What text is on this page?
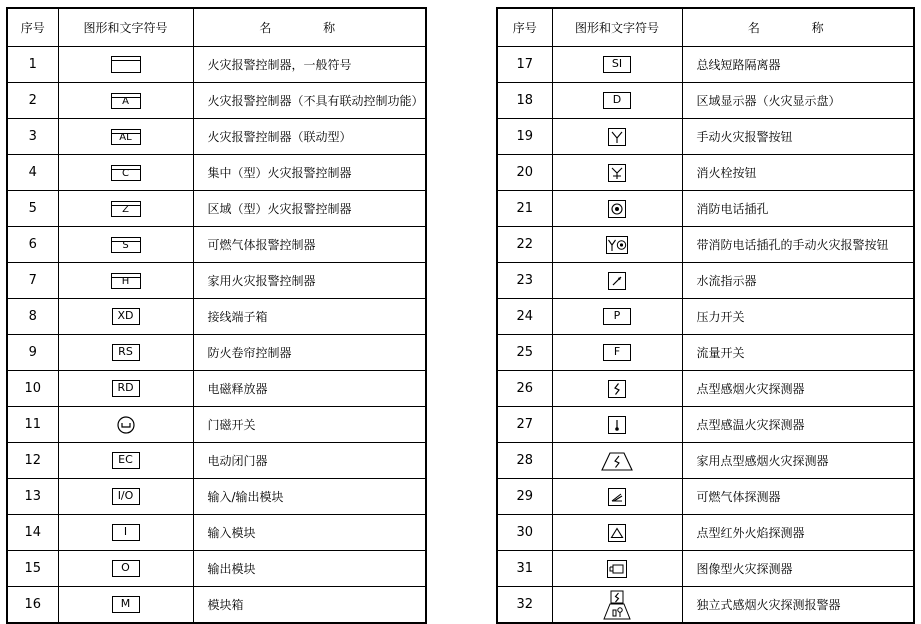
序号	图形和文字符号	名 称
1		火灾报警控制器，一般符号
2	A	火灾报警控制器（不具有联动控制功能）
3	AL	火灾报警控制器（联动型）
4	C	集中（型）火灾报警控制器
5	Z	区域（型）火灾报警控制器
6	S	可燃气体报警控制器
7	H	家用火灾报警控制器
8	XD	接线端子箱
9	RS	防火卷帘控制器
10	RD	电磁释放器
11		门磁开关
12	EC	电动闭门器
13	I/O	输入/输出模块
14	I	输入模块
15	O	输出模块
16	M	模块箱
序号	图形和文字符号	名 称
17	SI	总线短路隔离器
18	D	区域显示器（火灾显示盘）
19		手动火灾报警按钮
20		消火栓按钮
21		消防电话插孔
22		带消防电话插孔的手动火灾报警按钮
23		水流指示器
24	P	压力开关
25	F	流量开关
26		点型感烟火灾探测器
27		点型感温火灾探测器
28		家用点型感烟火灾探测器
29		可燃气体探测器
30		点型红外火焰探测器
31		图像型火灾探测器
32		独立式感烟火灾探测报警器
